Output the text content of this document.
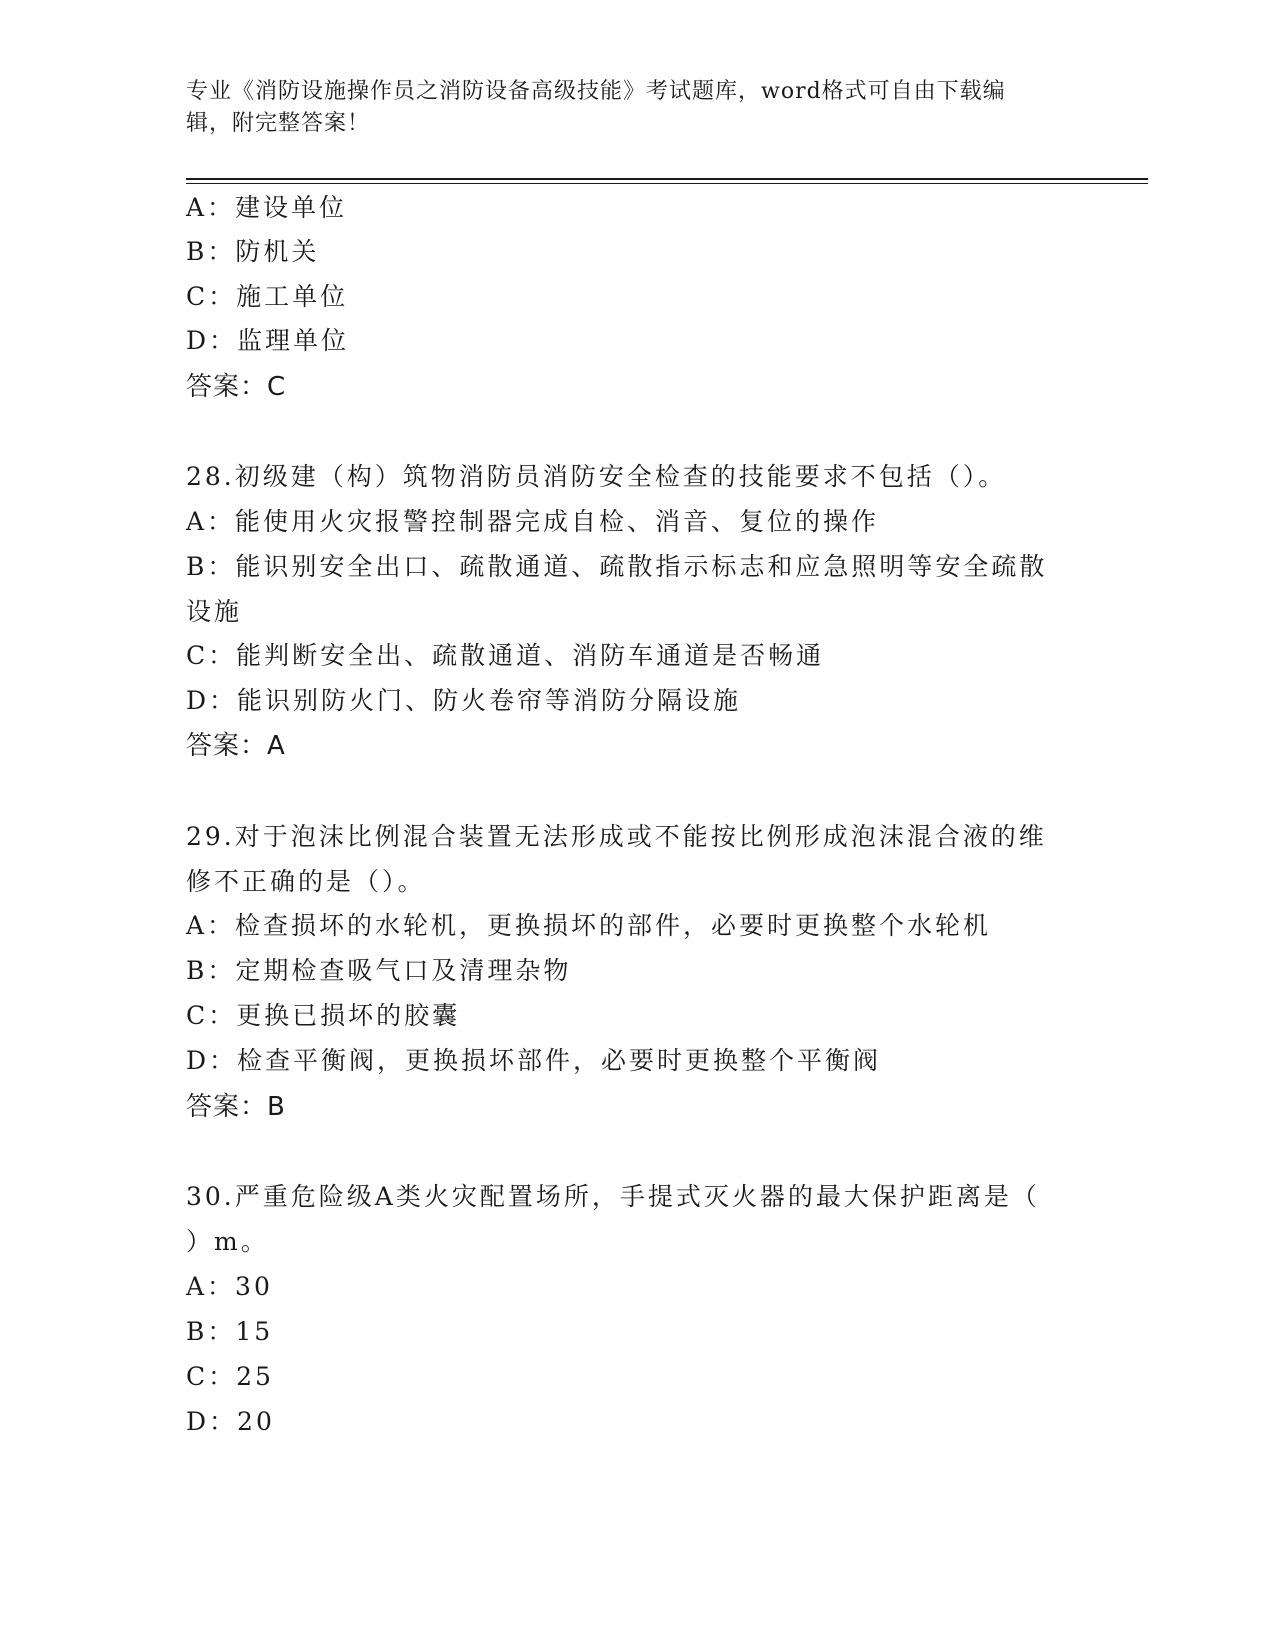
专业《消防设施操作员之消防设备高级技能》考试题库，word格式可自由下载编
辑，附完整答案！
A：建设单位
B：防机关
C：施工单位
D：监理单位
答案：C
28.初级建（构）筑物消防员消防安全检查的技能要求不包括（）。
A：能使用火灾报警控制器完成自检、消音、复位的操作
B：能识别安全出口、疏散通道、疏散指示标志和应急照明等安全疏散
设施
C：能判断安全出、疏散通道、消防车通道是否畅通
D：能识别防火门、防火卷帘等消防分隔设施
答案：A
29.对于泡沫比例混合装置无法形成或不能按比例形成泡沫混合液的维
修不正确的是（）。
A：检查损坏的水轮机，更换损坏的部件，必要时更换整个水轮机
B：定期检查吸气口及清理杂物
C：更换已损坏的胶囊
D：检查平衡阀，更换损坏部件，必要时更换整个平衡阀
答案：B
30.严重危险级A类火灾配置场所，手提式灭火器的最大保护距离是（
）m。
A：30
B：15
C：25
D：20
